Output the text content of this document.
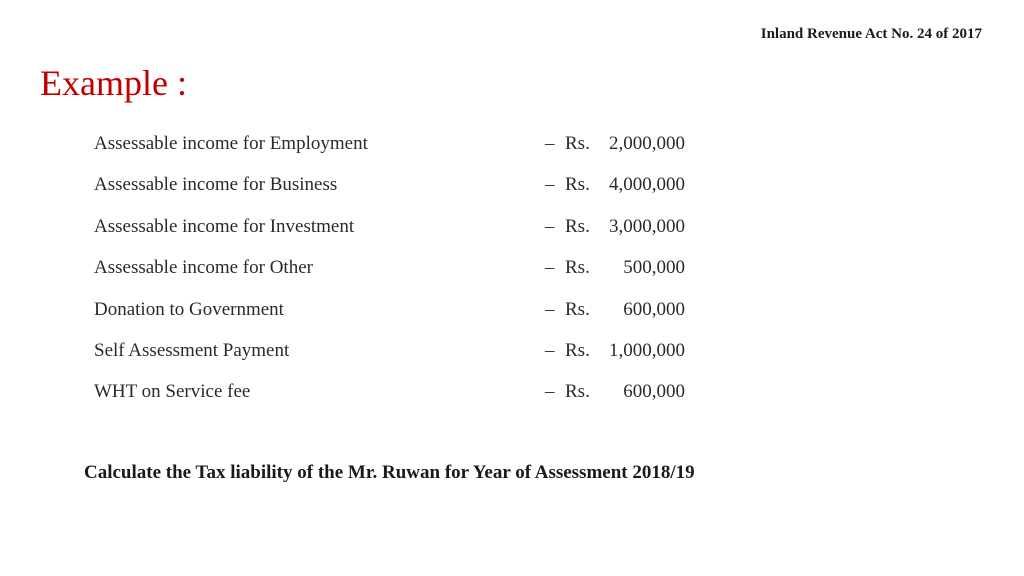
Inland Revenue Act No. 24 of 2017
Example :
Assessable income for Employment	– Rs. 2,000,000
Assessable income for Business	– Rs. 4,000,000
Assessable income for Investment	– Rs. 3,000,000
Assessable income for Other	– Rs. 500,000
Donation to Government	– Rs. 600,000
Self Assessment Payment	– Rs. 1,000,000
WHT on Service fee	– Rs. 600,000
Calculate the Tax liability of the Mr. Ruwan for Year of Assessment 2018/19
